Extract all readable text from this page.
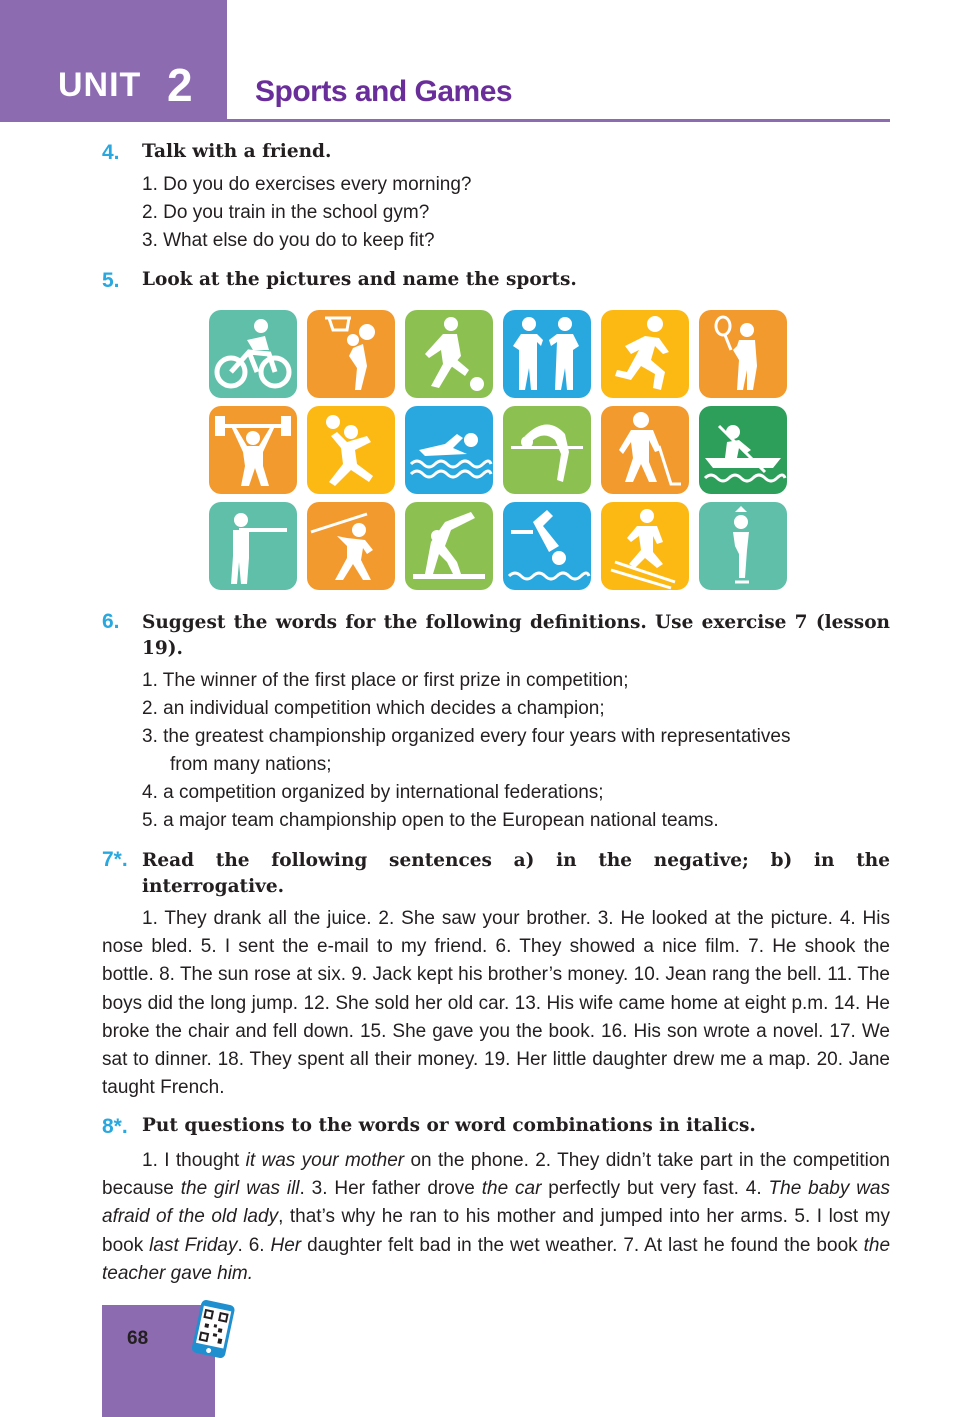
UNIT 2 Sports and Games
4. Talk with a friend.
1. Do you do exercises every morning?
2. Do you train in the school gym?
3. What else do you do to keep fit?
5. Look at the pictures and name the sports.
6. Suggest the words for the following definitions. Use exercise 7 (lesson 19).
1. The winner of the first place or first prize in competition;
2. an individual competition which decides a champion;
3. the greatest championship organized every four years with representatives
from many nations;
4. a competition organized by international federations;
5. a major team championship open to the European national teams.
7*. Read the following sentences a) in the negative; b) in the interrogative.
1. They drank all the juice. 2. She saw your brother. 3. He looked at the picture. 4. His nose bled. 5. I sent the e-mail to my friend. 6. They showed a nice film. 7. He shook the bottle. 8. The sun rose at six. 9. Jack kept his brother’s money. 10. Jean rang the bell. 11. The boys did the long jump. 12. She sold her old car. 13. His wife came home at eight p.m. 14. He broke the chair and fell down. 15. She gave you the book. 16. His son wrote a novel. 17. We sat to dinner. 18. They spent all their money. 19. Her little daughter drew me a map. 20. Jane taught French.
8*. Put questions to the words or word combinations in italics.
1. I thought it was your mother on the phone. 2. They didn’t take part in the competition because the girl was ill. 3. Her father drove the car perfectly but very fast. 4. The baby was afraid of the old lady, that’s why he ran to his mother and jumped into her arms. 5. I lost my book last Friday. 6. Her daughter felt bad in the wet weather. 7. At last he found the book the teacher gave him.
68
